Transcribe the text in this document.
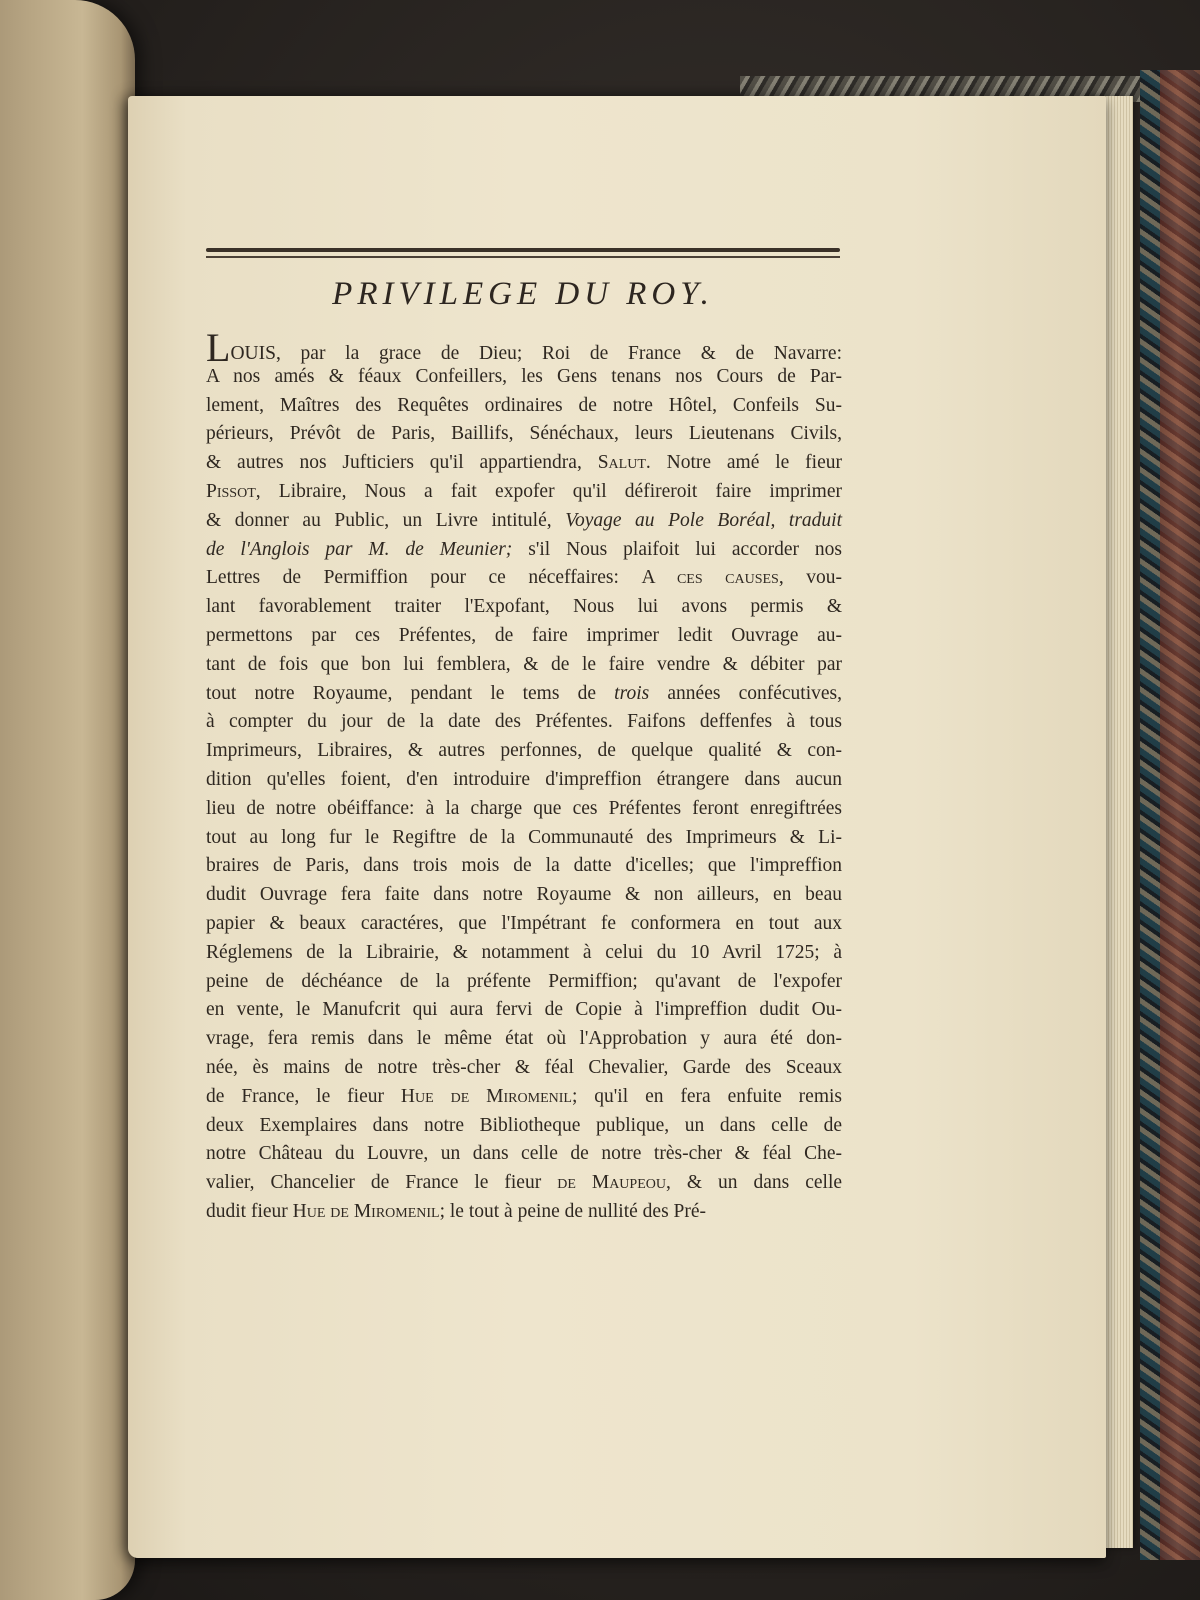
PRIVILEGE DU ROY.
LOUIS, par la grace de Dieu; Roi de France & de Navarre:
A nos amés & féaux Confeillers, les Gens tenans nos Cours de Par-
lement, Maîtres des Requêtes ordinaires de notre Hôtel, Confeils Su-
périeurs, Prévôt de Paris, Baillifs, Sénéchaux, leurs Lieutenans Civils,
& autres nos Jufticiers qu'il appartiendra, Salut. Notre amé le fieur
Pissot, Libraire, Nous a fait expofer qu'il défireroit faire imprimer
& donner au Public, un Livre intitulé, Voyage au Pole Boréal, traduit
de l'Anglois par M. de Meunier; s'il Nous plaifoit lui accorder nos
Lettres de Permiffion pour ce néceffaires: A ces causes, vou-
lant favorablement traiter l'Expofant, Nous lui avons permis &
permettons par ces Préfentes, de faire imprimer ledit Ouvrage au-
tant de fois que bon lui femblera, & de le faire vendre & débiter par
tout notre Royaume, pendant le tems de trois années confécutives,
à compter du jour de la date des Préfentes. Faifons deffenfes à tous
Imprimeurs, Libraires, & autres perfonnes, de quelque qualité & con-
dition qu'elles foient, d'en introduire d'impreffion étrangere dans aucun
lieu de notre obéiffance: à la charge que ces Préfentes feront enregiftrées
tout au long fur le Regiftre de la Communauté des Imprimeurs & Li-
braires de Paris, dans trois mois de la datte d'icelles; que l'impreffion
dudit Ouvrage fera faite dans notre Royaume & non ailleurs, en beau
papier & beaux caractéres, que l'Impétrant fe conformera en tout aux
Réglemens de la Librairie, & notamment à celui du 10 Avril 1725; à
peine de déchéance de la préfente Permiffion; qu'avant de l'expofer
en vente, le Manufcrit qui aura fervi de Copie à l'impreffion dudit Ou-
vrage, fera remis dans le même état où l'Approbation y aura été don-
née, ès mains de notre très-cher & féal Chevalier, Garde des Sceaux
de France, le fieur Hue de Miromenil; qu'il en fera enfuite remis
deux Exemplaires dans notre Bibliotheque publique, un dans celle de
notre Château du Louvre, un dans celle de notre très-cher & féal Che-
valier, Chancelier de France le fieur de Maupeou, & un dans celle
dudit fieur Hue de Miromenil; le tout à peine de nullité des Pré-
